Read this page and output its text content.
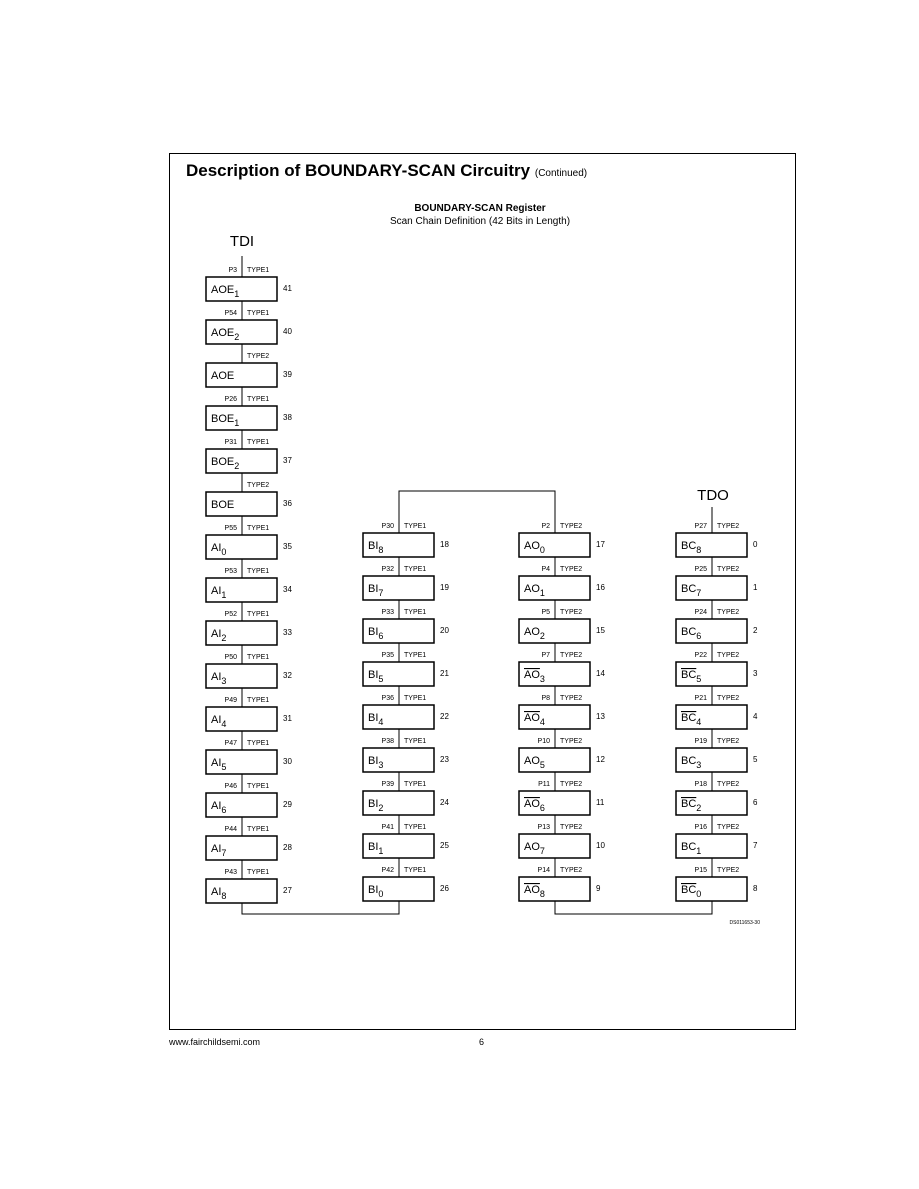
Description of BOUNDARY-SCAN Circuitry (Continued)
BOUNDARY-SCAN Register
Scan Chain Definition (42 Bits in Length)
P3 TYPE1
$AOE_1$
41
P54 TYPE1
$AOE_2$
40
TYPE2
AOE	39
P26 TYPE1
$BOE_1$
38
P31 TYPE1
$BOE_2$
37
TYPE2
BOE	36
P55 TYPE1
$AI_0$
35
P53 TYPE1
$AI_1$
34
P52 TYPE1
$AI_2$
33
P50 TYPE1
$AI_3$
32
P49 TYPE1
$AI_4$
31
P47 TYPE1
$AI_5$
30
P46 TYPE1
$AI_6$
29
P44 TYPE1
$AI_7$
28
P43 TYPE1
$AI_8$
27
P30 TYPE1
$BI_8$
18
P32 TYPE1
$BI_7$
19
P33 TYPE1
$BI_6$
20
P35 TYPE1
$BI_5$
21
P36 TYPE1
$BI_4$
22
P38 TYPE1
$BI_3$
23
P39 TYPE1
$BI_2$
24
P41 TYPE1
$BI_1$
25
P42 TYPE1
$BI_0$
26
P2 TYPE2
$AO_0$
17
P4 TYPE2
$AO_1$
16
P5 TYPE2
$AO_2$
15
P7 TYPE2
$AO_3$
14
P8 TYPE2
$AO_4$
13
P10 TYPE2
$AO_5$
12
P11 TYPE2
$AO_6$
11
P13 TYPE2
$AO_7$
10
P14 TYPE2
$AO_8$
9
P27 TYPE2
$BC_8$
0
P25 TYPE2
$BC_7$
1
P24 TYPE2
$BC_6$
2
P22 TYPE2
$BC_5$
3
P21 TYPE2
$BC_4$
4
P19 TYPE2
$BC_3$
5
P18 TYPE2
$BC_2$
6
P16 TYPE2
$BC_1$
7
P15 TYPE2
$BC_0$
8
TDI
TDO
DS011653-30
www.fairchildsemi.com	6
